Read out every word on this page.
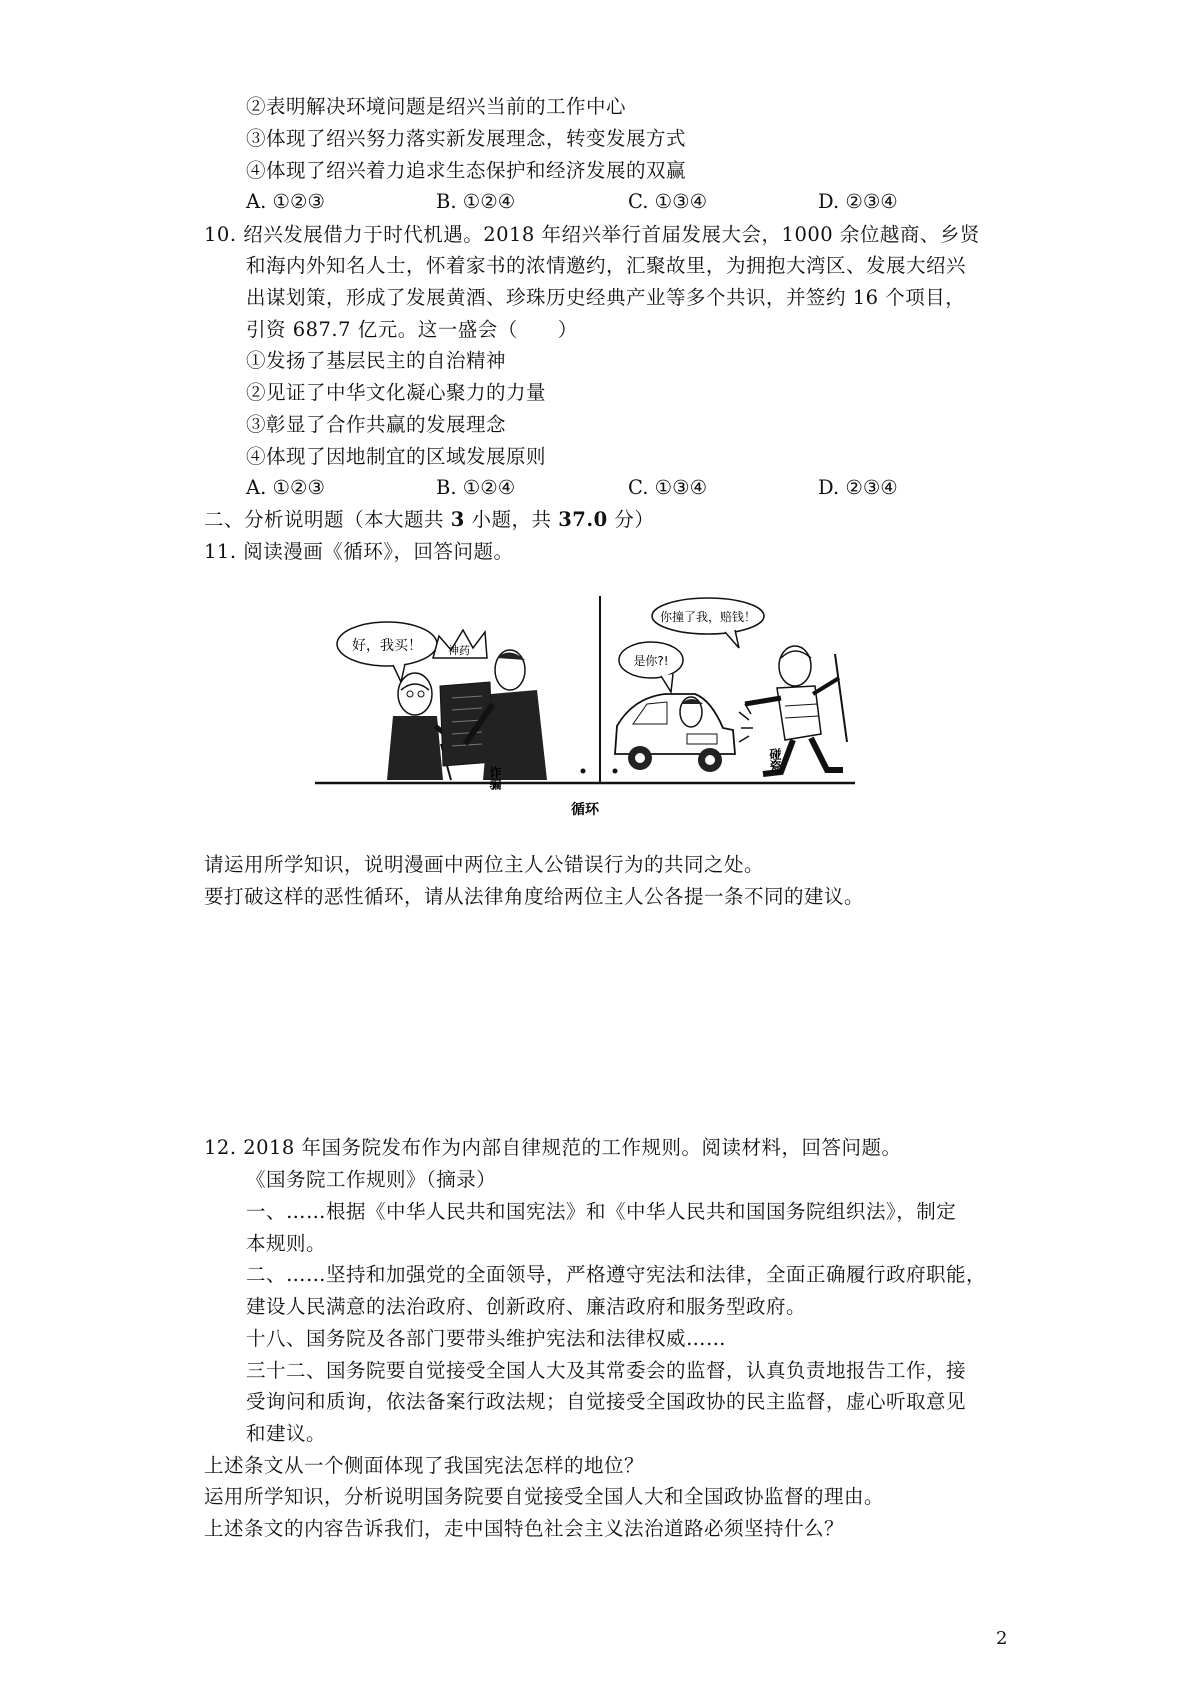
②表明解决环境问题是绍兴当前的工作中心
③体现了绍兴努力落实新发展理念，转变发展方式
④体现了绍兴着力追求生态保护和经济发展的双赢
A. ①②③	B. ①②④	C. ①③④	D. ②③④
10. 绍兴发展借力于时代机遇。2018 年绍兴举行首届发展大会，1000 余位越商、乡贤
和海内外知名人士，怀着家书的浓情邀约，汇聚故里，为拥抱大湾区、发展大绍兴
出谋划策，形成了发展黄酒、珍珠历史经典产业等多个共识，并签约 16 个项目，
引资 687.7 亿元。这一盛会（　　）
①发扬了基层民主的自治精神
②见证了中华文化凝心聚力的力量
③彰显了合作共赢的发展理念
④体现了因地制宜的区域发展原则
A. ①②③	B. ①②④	C. ①③④	D. ②③④
二、分析说明题（本大题共 3 小题，共 37.0 分）
11. 阅读漫画《循环》，回答问题。
好，我买！ 神药
诈骗
你撞了我，赔钱！
是你?!
碰瓷
循环
请运用所学知识，说明漫画中两位主人公错误行为的共同之处。
要打破这样的恶性循环，请从法律角度给两位主人公各提一条不同的建议。
12. 2018 年国务院发布作为内部自律规范的工作规则。阅读材料，回答问题。
《国务院工作规则》（摘录）
一、……根据《中华人民共和国宪法》和《中华人民共和国国务院组织法》，制定
本规则。
二、……坚持和加强党的全面领导，严格遵守宪法和法律，全面正确履行政府职能，
建设人民满意的法治政府、创新政府、廉洁政府和服务型政府。
十八、国务院及各部门要带头维护宪法和法律权威……
三十二、国务院要自觉接受全国人大及其常委会的监督，认真负责地报告工作，接
受询问和质询，依法备案行政法规；自觉接受全国政协的民主监督，虚心听取意见
和建议。
上述条文从一个侧面体现了我国宪法怎样的地位？
运用所学知识，分析说明国务院要自觉接受全国人大和全国政协监督的理由。
上述条文的内容告诉我们，走中国特色社会主义法治道路必须坚持什么？
2
